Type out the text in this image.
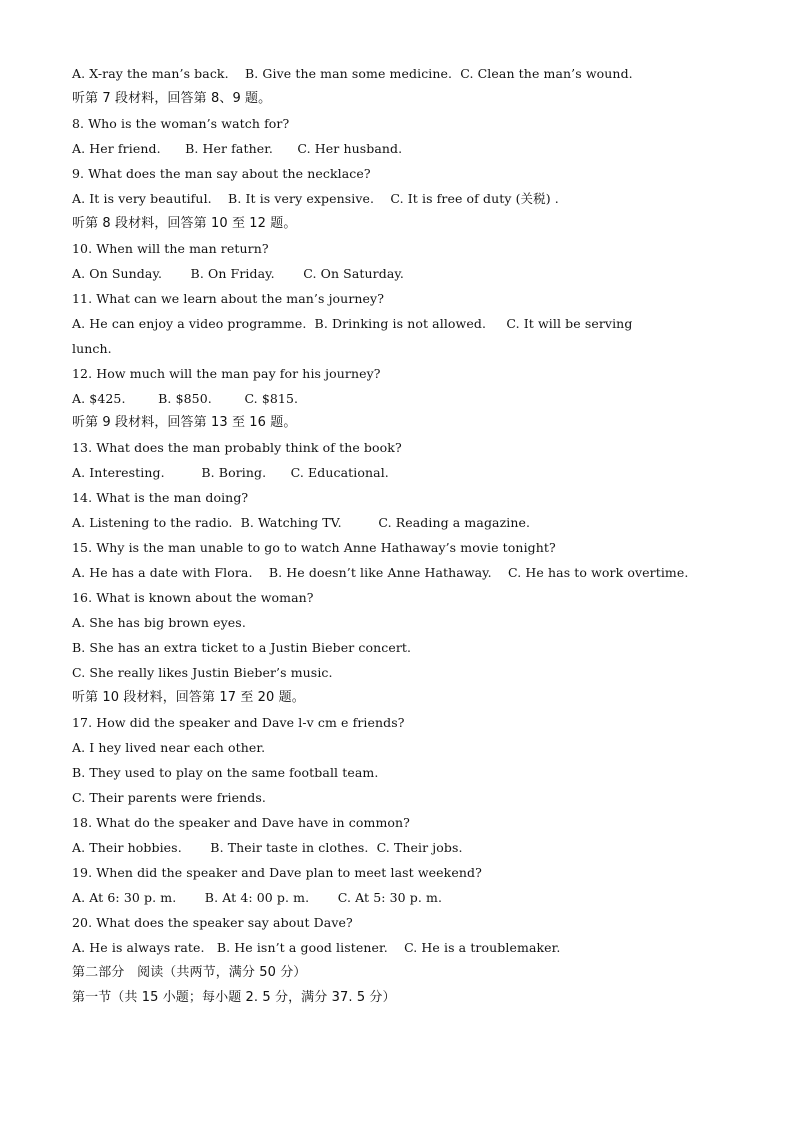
A. X-ray the man’s back.    B. Give the man some medicine.  C. Clean the man’s wound.
听第 7 段材料，回答第 8、9 题。
8. Who is the woman’s watch for?
A. Her friend.      B. Her father.      C. Her husband.
9. What does the man say about the necklace?
A. It is very beautiful.    B. It is very expensive.    C. It is free of duty (关税) .
听第 8 段材料，回答第 10 至 12 题。
10. When will the man return?
A. On Sunday.       B. On Friday.       C. On Saturday.
11. What can we learn about the man’s journey?
A. He can enjoy a video programme.  B. Drinking is not allowed.     C. It will be serving
lunch.
12. How much will the man pay for his journey?
A. $425.        B. $850.        C. $815.
听第 9 段材料，回答第 13 至 16 题。
13. What does the man probably think of the book?
A. Interesting.         B. Boring.      C. Educational.
14. What is the man doing?
A. Listening to the radio.  B. Watching TV.         C. Reading a magazine.
15. Why is the man unable to go to watch Anne Hathaway’s movie tonight?
A. He has a date with Flora.    B. He doesn’t like Anne Hathaway.    C. He has to work overtime.
16. What is known about the woman?
A. She has big brown eyes.
B. She has an extra ticket to a Justin Bieber concert.
C. She really likes Justin Bieber’s music.
听第 10 段材料，回答第 17 至 20 题。
17. How did the speaker and Dave l-v cm e friends?
A. I hey lived near each other.
B. They used to play on the same football team.
C. Their parents were friends.
18. What do the speaker and Dave have in common?
A. Their hobbies.       B. Their taste in clothes.  C. Their jobs.
19. When did the speaker and Dave plan to meet last weekend?
A. At 6: 30 p. m.       B. At 4: 00 p. m.       C. At 5: 30 p. m.
20. What does the speaker say about Dave?
A. He is always rate.   B. He isn’t a good listener.    C. He is a troublemaker.
第二部分   阅读（共两节，满分 50 分）
第一节（共 15 小题；每小题 2. 5 分，满分 37. 5 分）
